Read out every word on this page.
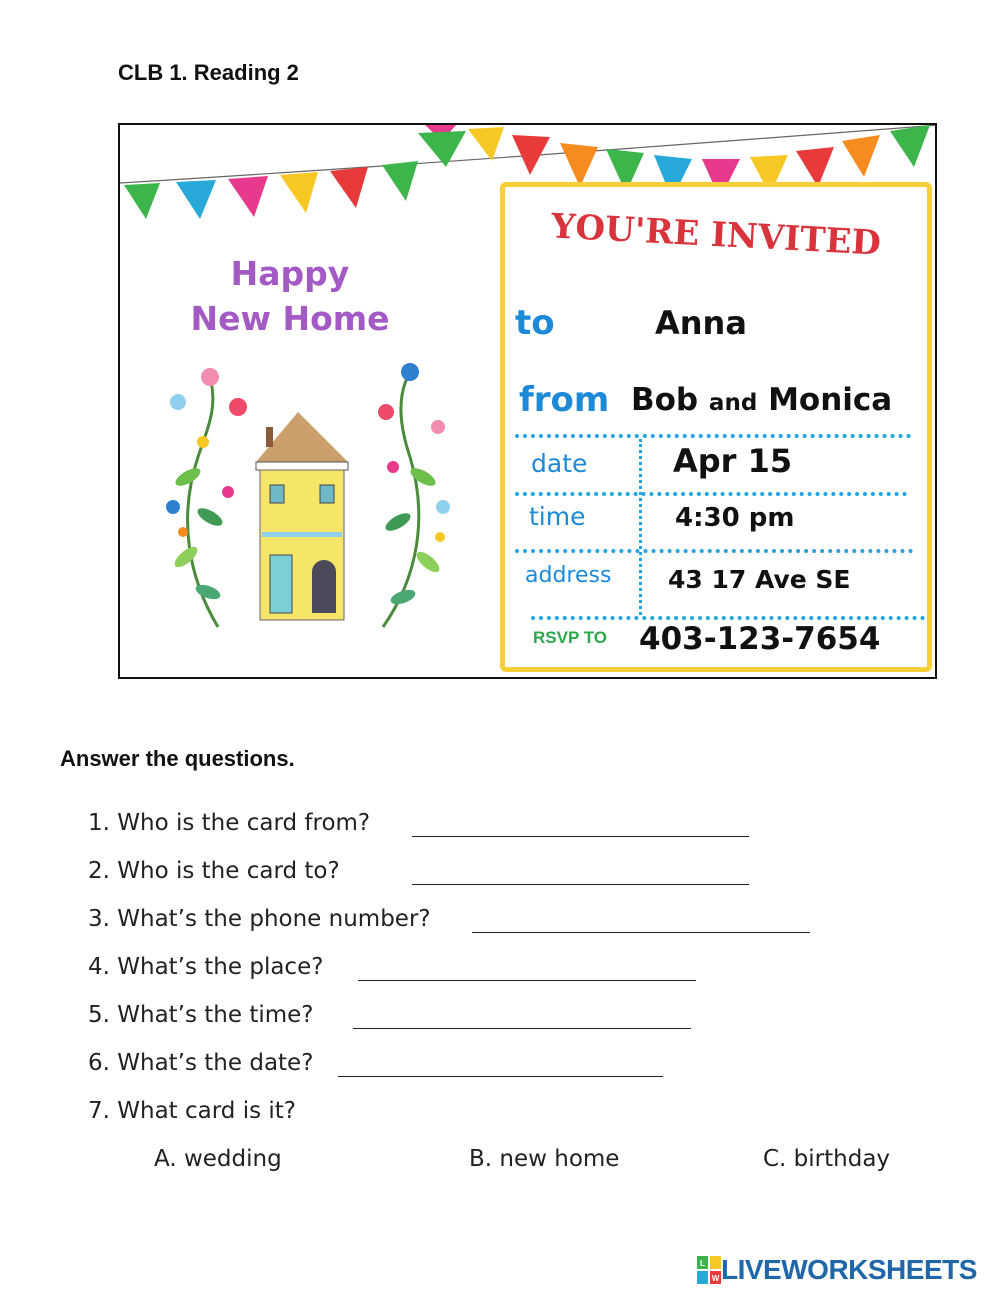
CLB 1. Reading 2
Happy
New Home
YOU'RE INVITED
to	Anna
from Bob and Monica
date	Apr 15
time	4:30 pm
address 43 17 Ave SE
RSVP TO 403-123-7654
Answer the questions.
1. Who is the card from?
2. Who is the card to?
3. What’s the phone number?
4. What’s the place?
5. What’s the time?
6. What’s the date?
7. What card is it?
A. wedding	B. new home	C. birthday
L
W LIVEWORKSHEETS
